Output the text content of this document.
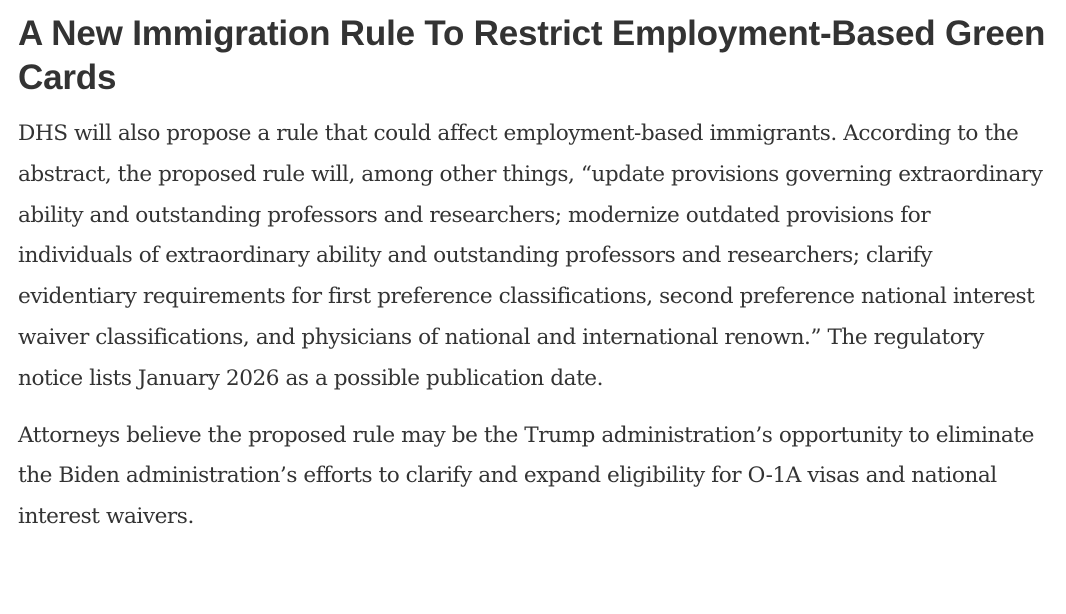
A New Immigration Rule To Restrict Employment-Based Green Cards

DHS will also propose a rule that could affect employment-based immigrants. According to the abstract, the proposed rule will, among other things, “update provisions governing extraordinary ability and outstanding professors and researchers; modernize outdated provisions for individuals of extraordinary ability and outstanding professors and researchers; clarify evidentiary requirements for first preference classifications, second preference national interest waiver classifications, and physicians of national and international renown.” The regulatory notice lists January 2026 as a possible publication date.

Attorneys believe the proposed rule may be the Trump administration’s opportunity to eliminate the Biden administration’s efforts to clarify and expand eligibility for O-1A visas and national interest waivers.
